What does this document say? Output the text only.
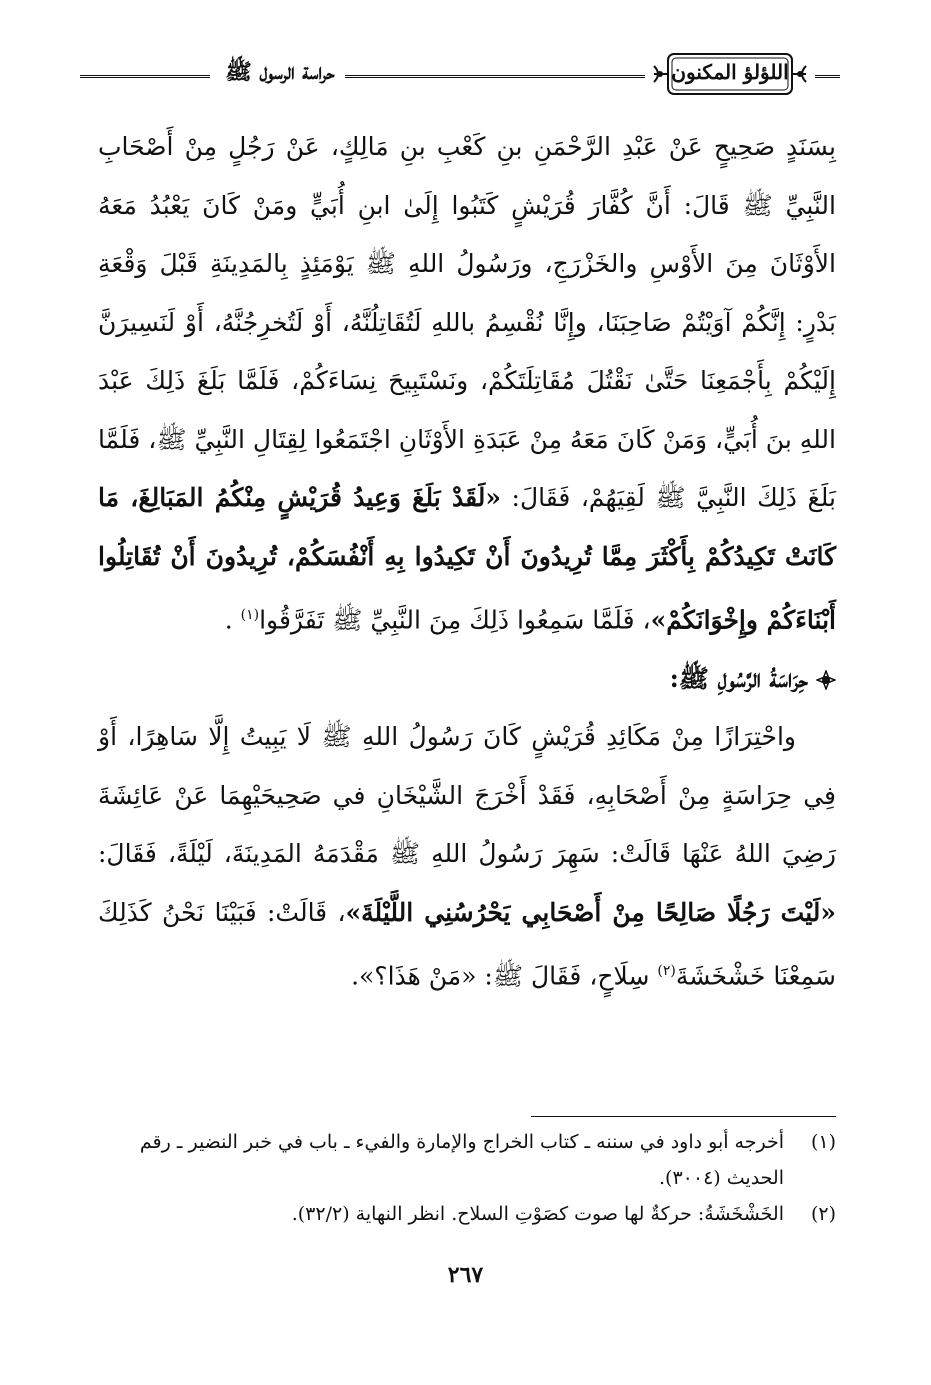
حراسة الرسول ﷺ	اللؤلؤ المكنون

بِسَنَدٍ صَحِيحٍ عَنْ عَبْدِ الرَّحْمَنِ بنِ كَعْبِ بنِ مَالِكٍ، عَنْ رَجُلٍ مِنْ أَصْحَابِ النَّبِيِّ ﷺ قَالَ: أَنَّ كُفَّارَ قُرَيْشٍ كَتَبُوا إِلَىٰ ابنِ أُبَيٍّ ومَنْ كَانَ يَعْبُدُ مَعَهُ الأَوْثَانَ مِنَ الأَوْسِ والخَزْرَجِ، ورَسُولُ اللهِ ﷺ يَوْمَئِذٍ بِالمَدِينَةِ قَبْلَ وَقْعَةِ بَدْرٍ: إِنَّكُمْ آوَيْتُمْ صَاحِبَنَا، وإِنَّا نُقْسِمُ باللهِ لَتُقَاتِلُنَّهُ، أَوْ لَتُخرِجُنَّهُ، أَوْ لَنَسِيرَنَّ إِلَيْكُمْ بِأَجْمَعِنَا حَتَّىٰ نَقْتُلَ مُقَاتِلَتَكُمْ، ونَسْتَبِيحَ نِسَاءَكُمْ، فَلَمَّا بَلَغَ ذَلِكَ عَبْدَ اللهِ بنَ أُبَيٍّ، وَمَنْ كَانَ مَعَهُ مِنْ عَبَدَةِ الأَوْثَانِ اجْتَمَعُوا لِقِتَالِ النَّبِيِّ ﷺ، فَلَمَّا بَلَغَ ذَلِكَ النَّبِيَّ ﷺ لَقِيَهُمْ، فَقَالَ: «لَقَدْ بَلَغَ وَعِيدُ قُرَيْشٍ مِنْكُمُ المَبَالِغَ، مَا كَانَتْ تَكِيدُكُمْ بِأَكْثَرَ مِمَّا تُرِيدُونَ أَنْ تَكِيدُوا بِهِ أَنْفُسَكُمْ، تُرِيدُونَ أَنْ تُقَاتِلُوا أَبْنَاءَكُمْ وإِخْوَانَكُمْ»، فَلَمَّا سَمِعُوا ذَلِكَ مِنَ النَّبِيِّ ﷺ تَفَرَّقُوا$^{(١)}$ .

حِرَاسَةُ الرَّسُولِ ﷺ:

واحْتِرَازًا مِنْ مَكَائِدِ قُرَيْشٍ كَانَ رَسُولُ اللهِ ﷺ لَا يَبِيتُ إِلَّا سَاهِرًا، أَوْ فِي حِرَاسَةٍ مِنْ أَصْحَابِهِ، فَقَدْ أَخْرَجَ الشَّيْخَانِ في صَحِيحَيْهِمَا عَنْ عَائِشَةَ رَضِيَ اللهُ عَنْهَا قَالَتْ: سَهِرَ رَسُولُ اللهِ ﷺ مَقْدَمَهُ المَدِينَةَ، لَيْلَةً، فَقَالَ: «لَيْتَ رَجُلًا صَالِحًا مِنْ أَصْحَابِي يَحْرُسُنِي اللَّيْلَةَ»، قَالَتْ: فَبَيْنَا نَحْنُ كَذَلِكَ سَمِعْنَا خَشْخَشَةَ$^{(٢)}$ سِلَاحٍ، فَقَالَ ﷺ: «مَنْ هَذَا؟».

(١)
أخرجه أبو داود في سننه ـ كتاب الخراج والإمارة والفيء ـ باب في خبر النضير ـ رقم الحديث (٣٠٠٤).
(٢)
الخَشْخَشَةُ: حركةٌ لها صوت كصَوْتِ السلاح. انظر النهاية (٣٢/٢).
٢٦٧
